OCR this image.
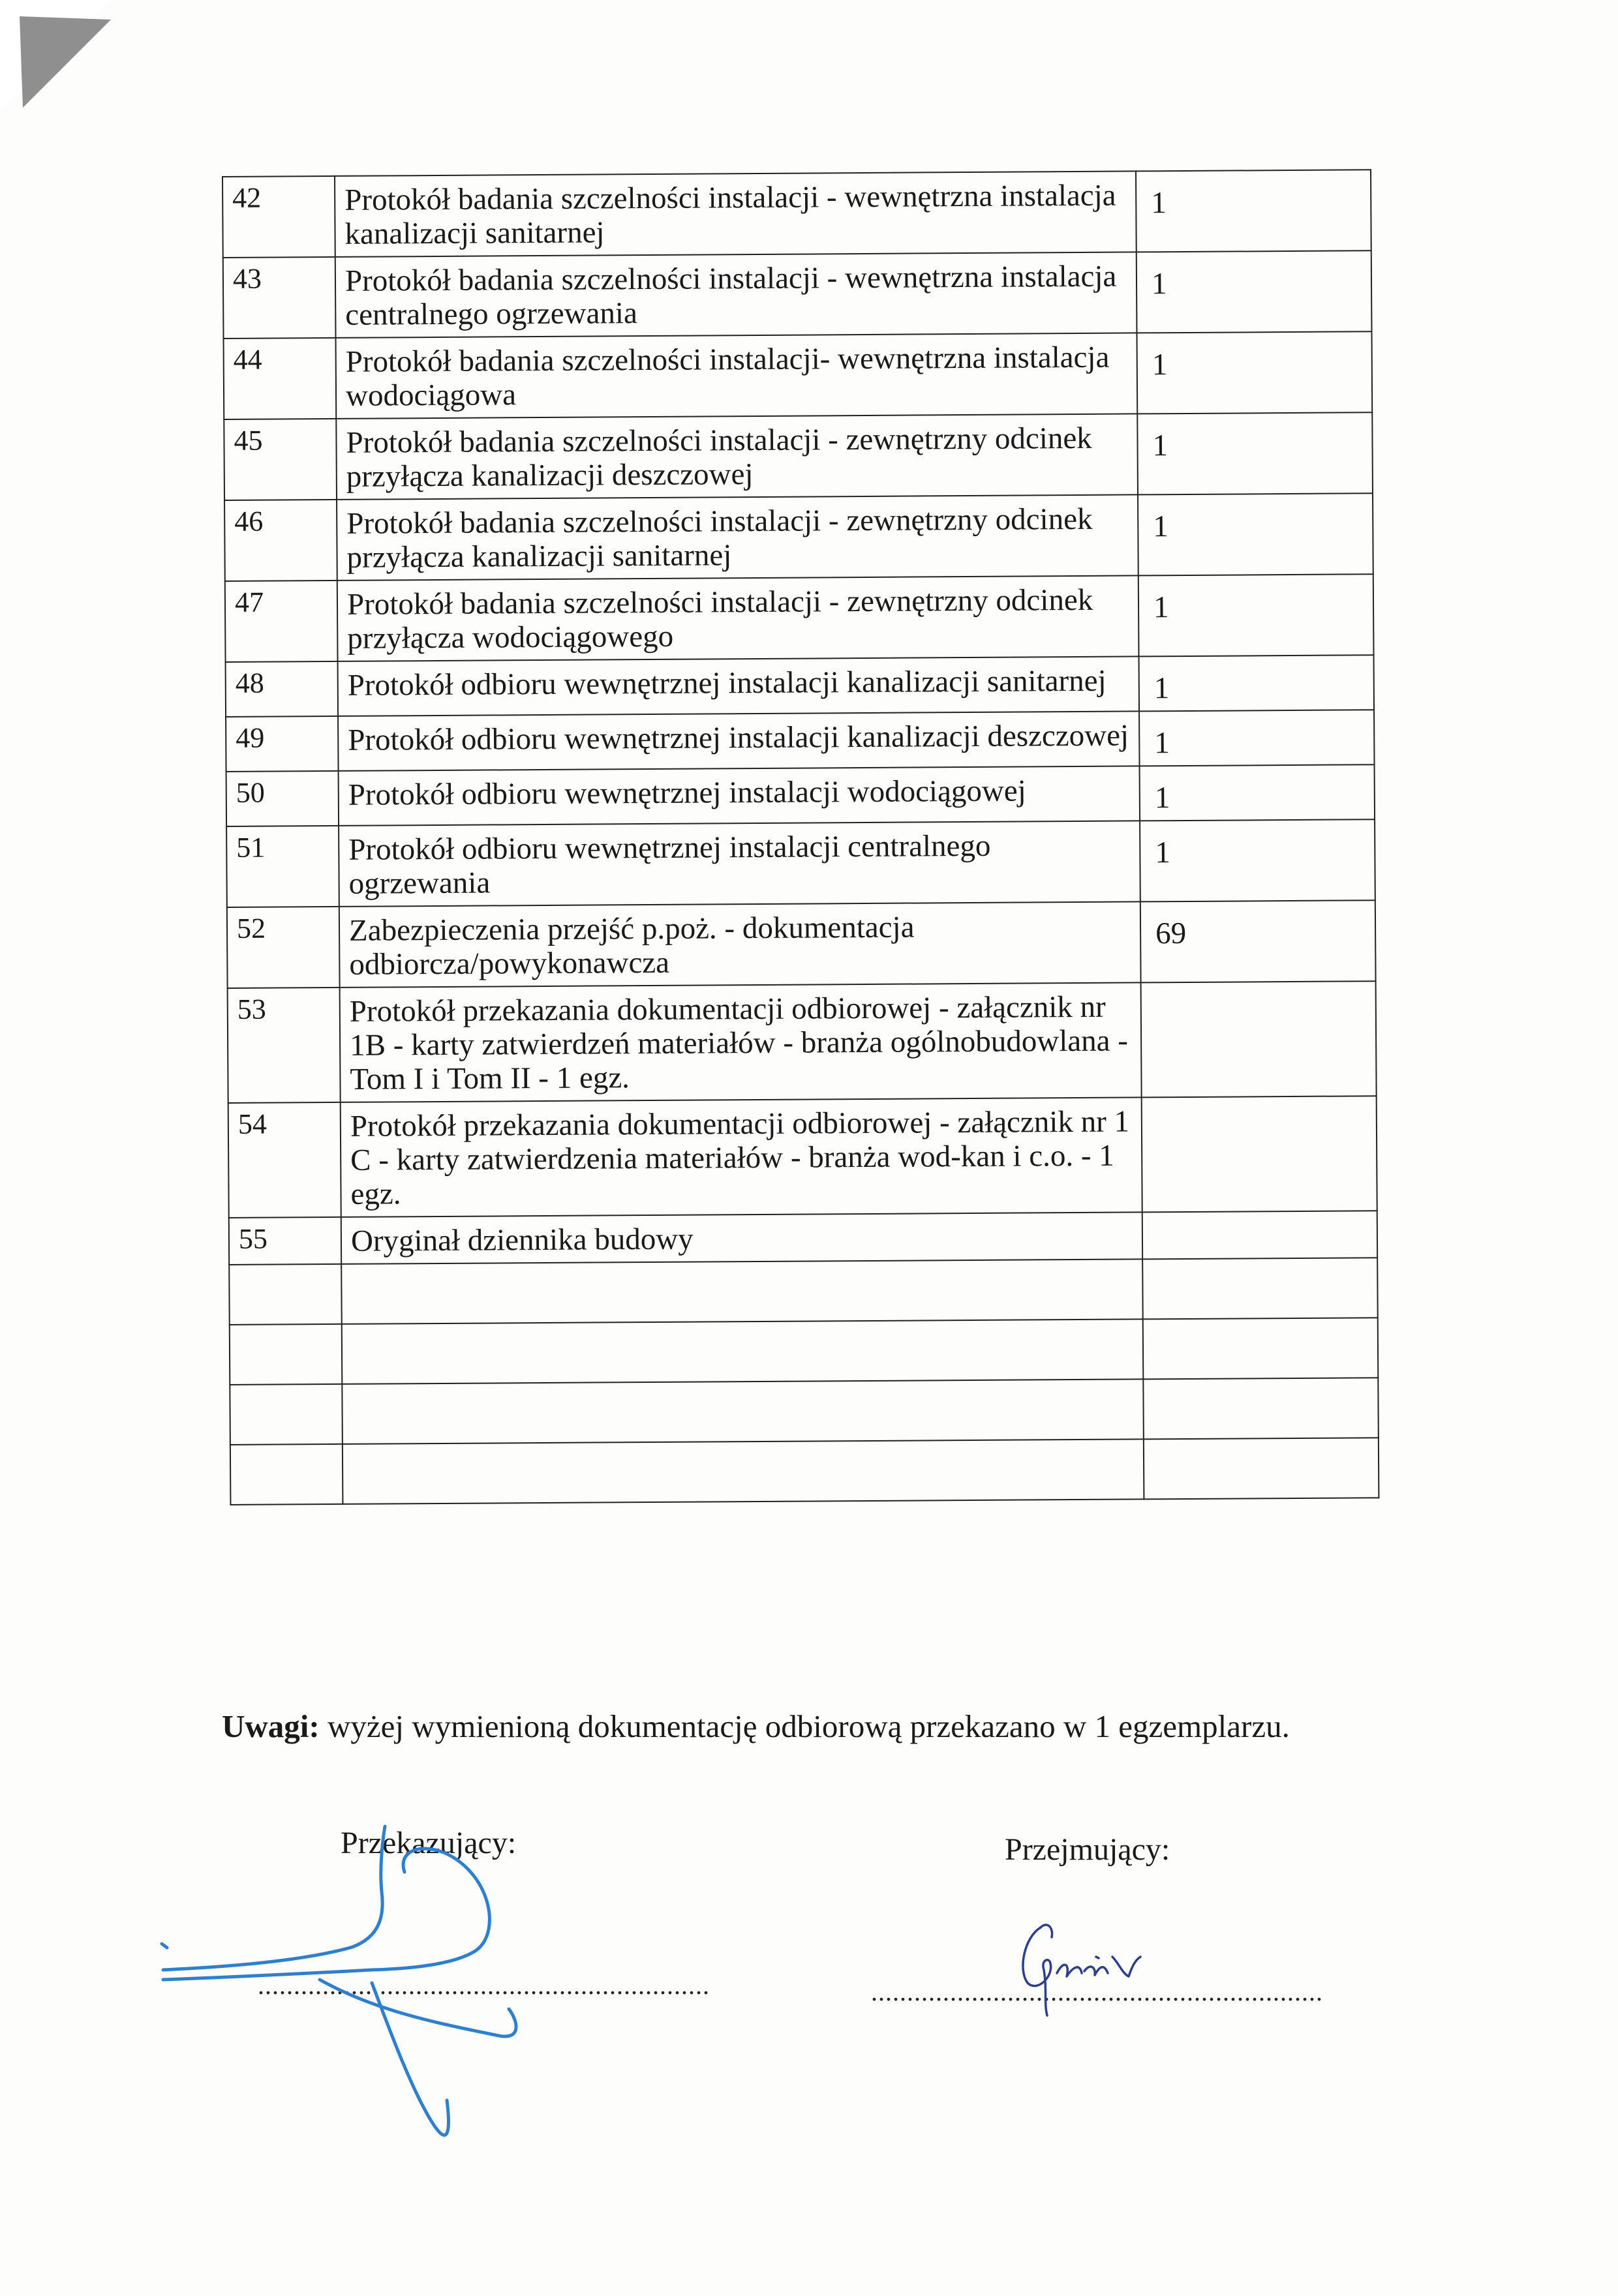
42	Protokół badania szczelności instalacji - wewnętrzna instalacja kanalizacji sanitarnej	1
43	Protokół badania szczelności instalacji - wewnętrzna instalacja centralnego ogrzewania	1
44	Protokół badania szczelności instalacji- wewnętrzna instalacja wodociągowa	1
45	Protokół badania szczelności instalacji - zewnętrzny odcinek przyłącza kanalizacji deszczowej	1
46	Protokół badania szczelności instalacji - zewnętrzny odcinek przyłącza kanalizacji sanitarnej	1
47	Protokół badania szczelności instalacji - zewnętrzny odcinek przyłącza wodociągowego	1
48	Protokół odbioru wewnętrznej instalacji kanalizacji sanitarnej	1
49	Protokół odbioru wewnętrznej instalacji kanalizacji deszczowej	1
50	Protokół odbioru wewnętrznej instalacji wodociągowej	1
51	Protokół odbioru wewnętrznej instalacji centralnego ogrzewania	1
52	Zabezpieczenia przejść p.poż. - dokumentacja odbiorcza/powykonawcza	69
53	Protokół przekazania dokumentacji odbiorowej - załącznik nr 1B - karty zatwierdzeń materiałów - branża ogólnobudowlana - Tom I i Tom II - 1 egz.	
54	Protokół przekazania dokumentacji odbiorowej - załącznik nr 1 C - karty zatwierdzenia materiałów - branża wod-kan i c.o. - 1 egz.	
55	Oryginał dziennika budowy	

Uwagi: wyżej wymienioną dokumentację odbiorową przekazano w 1 egzemplarzu.
Przekazujący:	Przejmujący:
...............................................................	...............................................................
